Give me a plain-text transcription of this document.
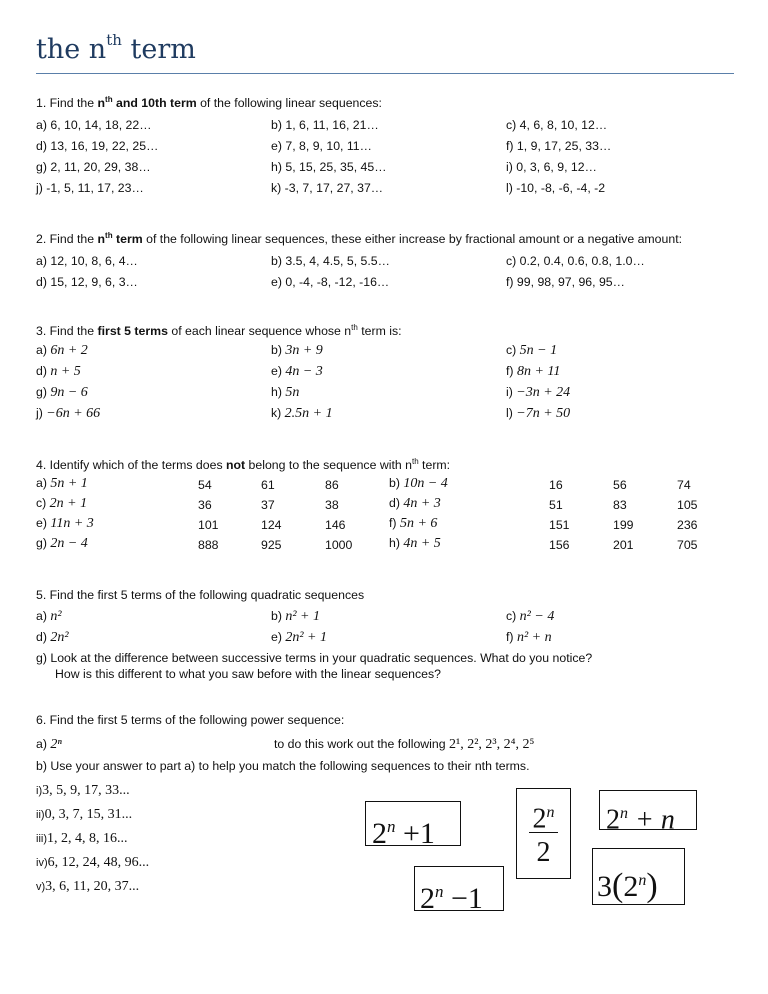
the $n^{th}$ term
1. Find the $n^{th}$ and 10th term of the following linear sequences:
a) 6, 10, 14, 18, 22…	b) 1, 6, 11, 16, 21…	c) 4, 6, 8, 10, 12…
d) 13, 16, 19, 22, 25…	e) 7, 8, 9, 10, 11…	f) 1, 9, 17, 25, 33…
g) 2, 11, 20, 29, 38…	h) 5, 15, 25, 35, 45…	i) 0, 3, 6, 9, 12…
j) -1, 5, 11, 17, 23…	k) -3, 7, 17, 27, 37…	l) -10, -8, -6, -4, -2
2. Find the $n^{th}$ term of the following linear sequences, these either increase by fractional amount or a negative amount:
a) 12, 10, 8, 6, 4…	b) 3.5, 4, 4.5, 5, 5.5…	c) 0.2, 0.4, 0.6, 0.8, 1.0…
d) 15, 12, 9, 6, 3…	e) 0, -4, -8, -12, -16…	f) 99, 98, 97, 96, 95…
3. Find the first 5 terms of each linear sequence whose $n^{th}$ term is:
a) 6n + 2	b) 3n + 9	c) 5n − 1
d) n + 5	e) 4n − 3	f) 8n + 11
g) 9n − 6	h) 5n	i) −3n + 24
j) −6n + 66	k) 2.5n + 1	l) −7n + 50
4. Identify which of the terms does not belong to the sequence with $n^{th}$ term:
a) 5n + 1	54	61	86	b) 10n − 4	16	56	74
c) 2n + 1	36	37	38	d) 4n + 3	51	83	105
e) 11n + 3	101	124	146	f) 5n + 6	151	199	236
g) 2n − 4	888	925	1000	h) 4n + 5	156	201	705
5. Find the first 5 terms of the following quadratic sequences
a) n²	b) n² + 1	c) n² − 4
d) 2n²	e) 2n² + 1	f) n² + n
g) Look at the difference between successive terms in your quadratic sequences. What do you notice?
How is this different to what you saw before with the linear sequences?
6. Find the first 5 terms of the following power sequence:
a) 2ⁿ	to do this work out the following 2¹, 2², 2³, 2⁴, 2⁵
b) Use your answer to part a) to help you match the following sequences to their nth terms.
i)3, 5, 9, 17, 33...
ii)0, 3, 7, 15, 31...
iii)1, 2, 4, 8, 16...
iv)6, 12, 24, 48, 96...
v)3, 6, 11, 20, 37...
$2^n +1$	2$^n$
2
$2^n + n$
3(2$^n$)
$2^n -1$
